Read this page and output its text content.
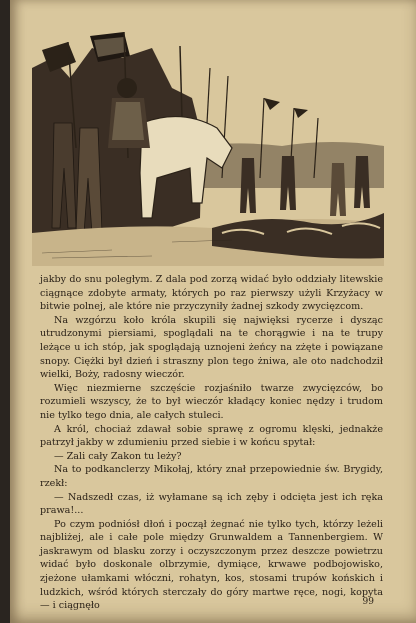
jakby do snu poległym. Z dala pod zorzą widać było oddziały litewskie ciągnące zdobyte armaty, których po raz pierwszy użyli Krzyżacy w bitwie polnej, ale które nie przyczyniły żadnej szkody zwycięzcom.

Na wzgórzu koło króla skupili się najwięksi rycerze i dysząc utrudzonymi piersiami, spoglądali na te chorągwie i na te trupy leżące u ich stóp, jak spoglądają uznojeni żeńcy na zżęte i powiązane snopy. Ciężki był dzień i straszny plon tego żniwa, ale oto nadchodził wielki, Boży, radosny wieczór.

Więc niezmierne szczęście rozjaśniło twarze zwycięzców, bo rozumieli wszyscy, że to był wieczór kładący koniec nędzy i trudom nie tylko tego dnia, ale całych stuleci.

A król, chociaż zdawał sobie sprawę z ogromu klęski, jednakże patrzył jakby w zdumieniu przed siebie i w końcu spytał:

— Zali cały Zakon tu leży?

Na to podkanclerzy Mikołaj, który znał przepowiednie św. Brygidy, rzekł:

— Nadszedł czas, iż wyłamane są ich zęby i odcięta jest ich ręka prawa!...

Po czym podniósł dłoń i począł żegnać nie tylko tych, którzy leżeli najbliżej, ale i całe pole między Grunwaldem a Tannenbergiem. W jaskrawym od blasku zorzy i oczyszczonym przez deszcze powietrzu widać było doskonale olbrzymie, dymiące, krwawe podbojowisko, zjeżone ułamkami włóczni, rohatyn, kos, stosami trupów końskich i ludzkich, wśród których sterczały do góry martwe ręce, nogi, kopyta — i ciągnęło	99
